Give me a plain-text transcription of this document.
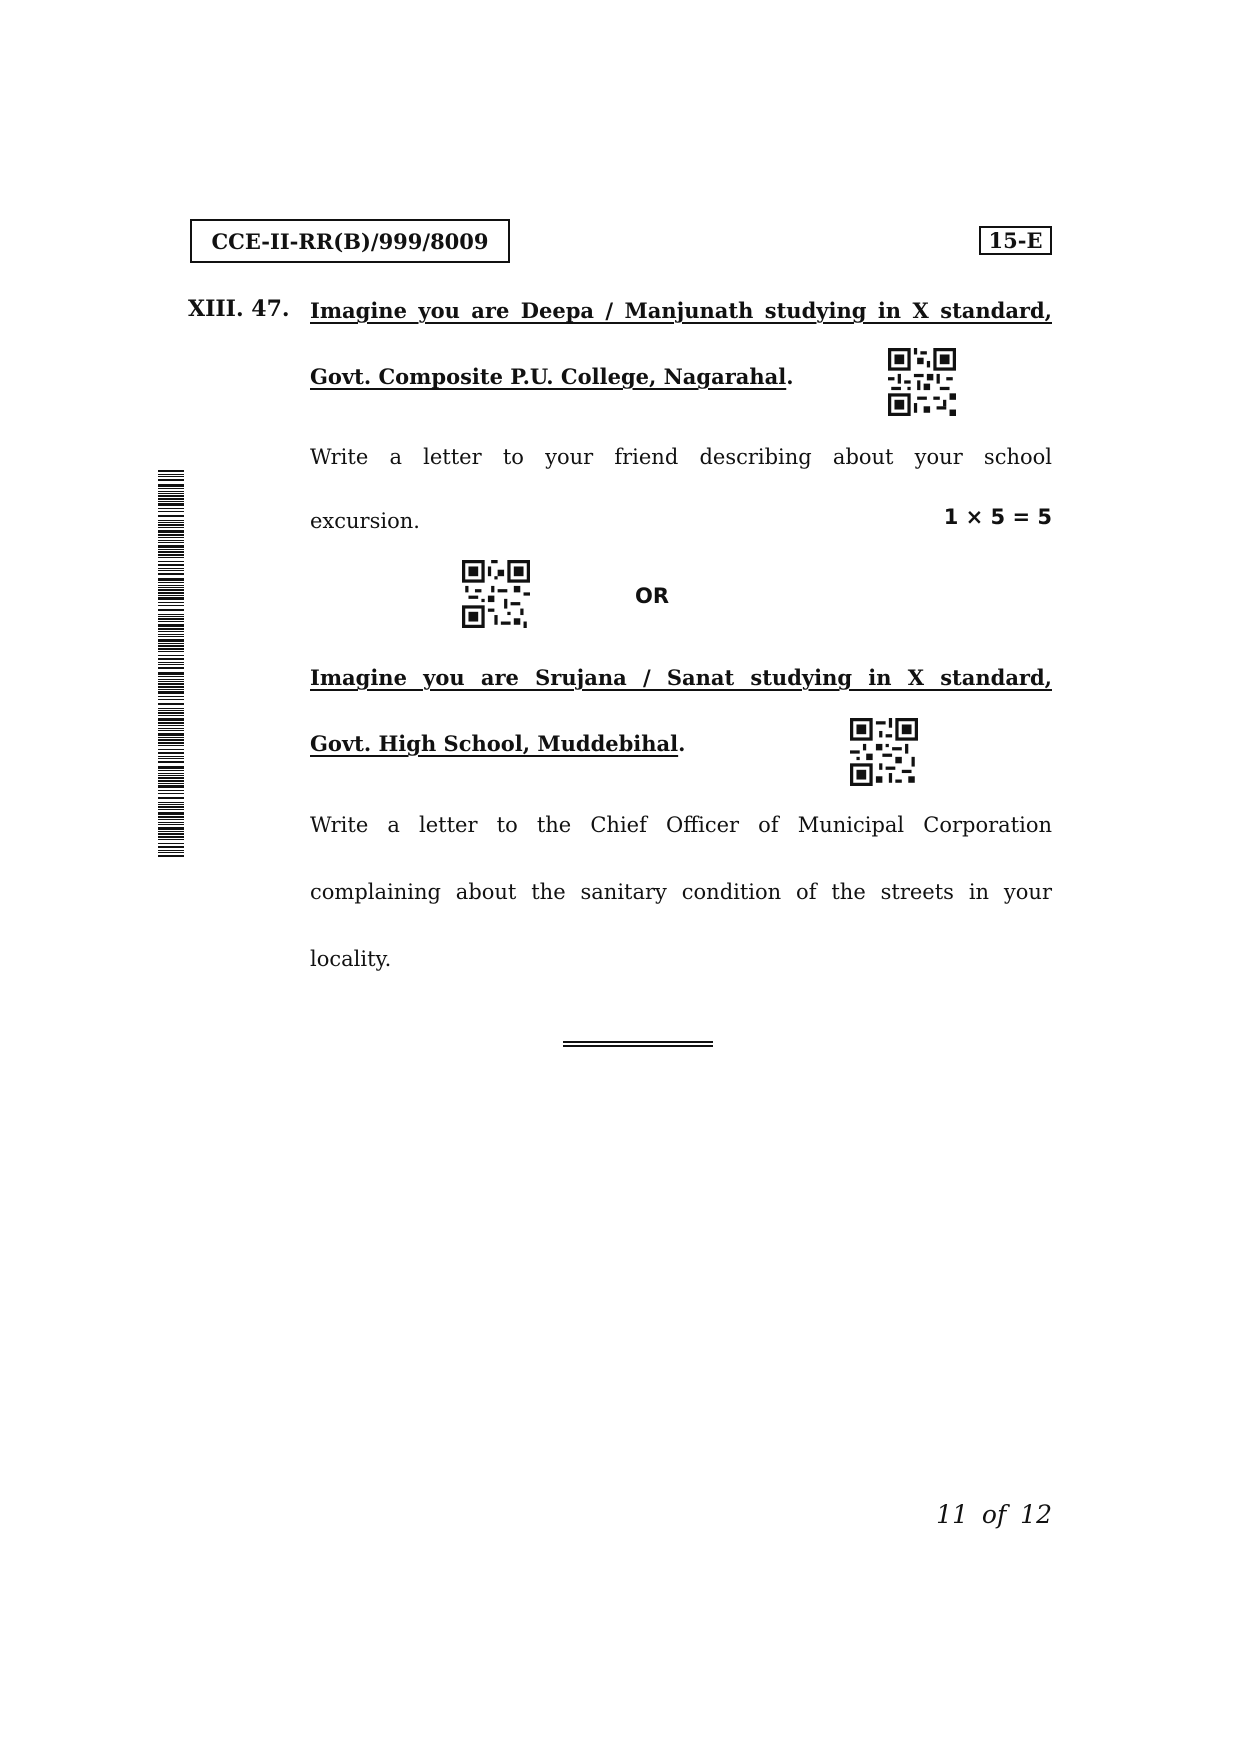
CCE-II-RR(B)/999/8009	15-E
XIII. 47. Imagine you are Deepa / Manjunath studying in X standard,
Govt. Composite P.U. College, Nagarahal.
Write a letter to your friend describing about your school
excursion.	1 × 5 = 5
OR
Imagine you are Srujana / Sanat studying in X standard,
Govt. High School, Muddebihal.
Write a letter to the Chief Officer of Municipal Corporation
complaining about the sanitary condition of the streets in your
locality.
11 of 12
